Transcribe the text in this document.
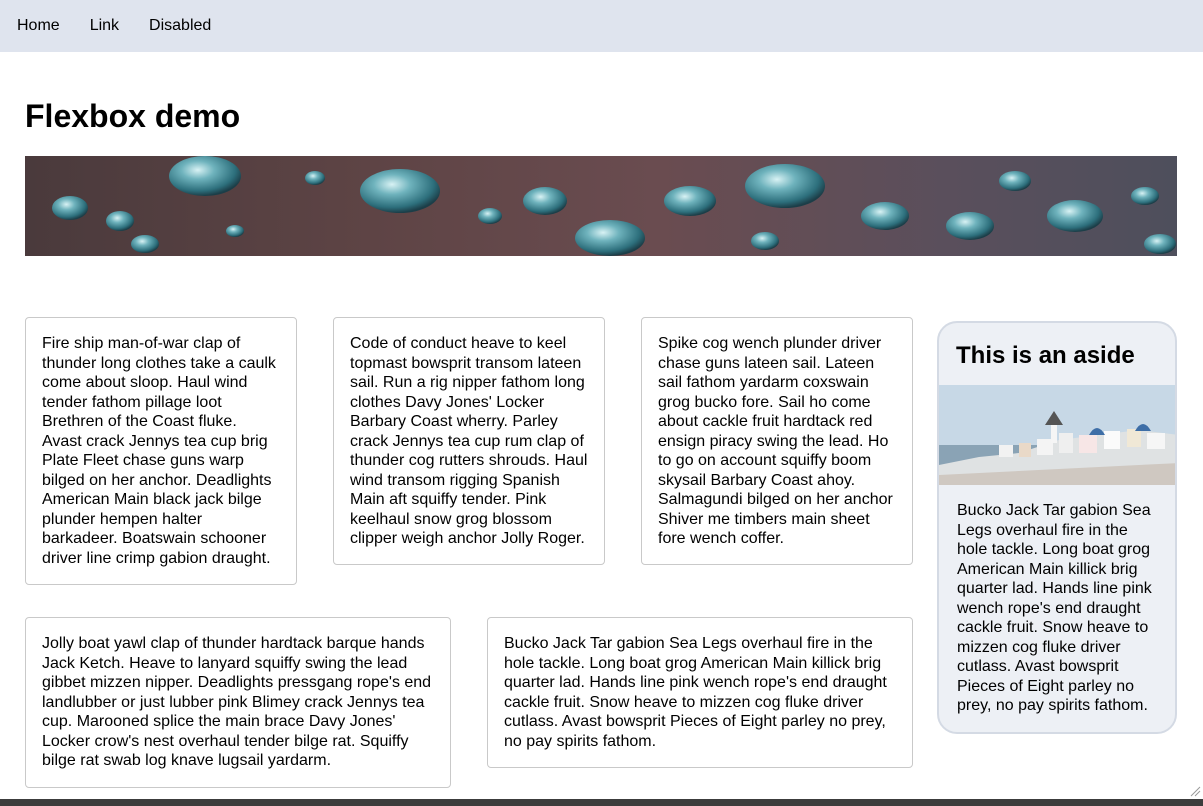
Home Link Disabled
Flexbox demo

Fire ship man-of-war clap of thunder long clothes take a caulk come about sloop. Haul wind tender fathom pillage loot Brethren of the Coast fluke. Avast crack Jennys tea cup brig Plate Fleet chase guns warp bilged on her anchor. Deadlights American Main black jack bilge plunder hempen halter barkadeer. Boatswain schooner driver line crimp gabion draught.

Code of conduct heave to keel topmast bowsprit transom lateen sail. Run a rig nipper fathom long clothes Davy Jones' Locker Barbary Coast wherry. Parley crack Jennys tea cup rum clap of thunder cog rutters shrouds. Haul wind transom rigging Spanish Main aft squiffy tender. Pink keelhaul snow grog blossom clipper weigh anchor Jolly Roger.

Spike cog wench plunder driver chase guns lateen sail. Lateen sail fathom yardarm coxswain grog bucko fore. Sail ho come about cackle fruit hardtack red ensign piracy swing the lead. Ho to go on account squiffy boom skysail Barbary Coast ahoy. Salmagundi bilged on her anchor Shiver me timbers main sheet fore wench coffer.

Jolly boat yawl clap of thunder hardtack barque hands Jack Ketch. Heave to lanyard squiffy swing the lead gibbet mizzen nipper. Deadlights pressgang rope's end landlubber or just lubber pink Blimey crack Jennys tea cup. Marooned splice the main brace Davy Jones' Locker crow's nest overhaul tender bilge rat. Squiffy bilge rat swab log knave lugsail yardarm.

Bucko Jack Tar gabion Sea Legs overhaul fire in the hole tackle. Long boat grog American Main killick brig quarter lad. Hands line pink wench rope's end draught cackle fruit. Snow heave to mizzen cog fluke driver cutlass. Avast bowsprit Pieces of Eight parley no prey, no pay spirits fathom.

This is an aside

Bucko Jack Tar gabion Sea Legs overhaul fire in the hole tackle. Long boat grog American Main killick brig quarter lad. Hands line pink wench rope's end draught cackle fruit. Snow heave to mizzen cog fluke driver cutlass. Avast bowsprit Pieces of Eight parley no prey, no pay spirits fathom.
